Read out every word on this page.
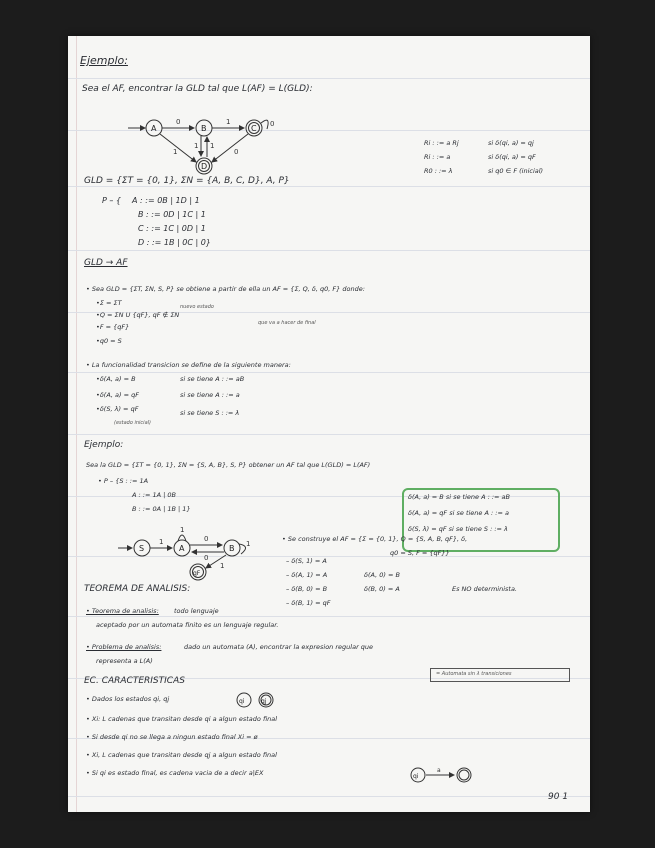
Ejemplo:
Sea el AF, encontrar la GLD tal que L(AF) = L(GLD):
A	B	C
D
0	1
1
1 1
0
0
Ri : := a Rj	si δ(qi, a) = qj
Ri : := a	si δ(qi, a) = qF
R0 : := λ	si q0 ∈ F (inicial)
GLD = {ΣT = {0, 1}, ΣN = {A, B, C, D}, A, P}
P – { A : := 0B | 1D | 1
B : := 0D | 1C | 1
C : := 1C | 0D | 1
D : := 1B | 0C | 0}
GLD → AF
• Sea GLD = {ΣT, ΣN, S, P} se obtiene a partir de ella un AF = {Σ, Q, δ, q0, F} donde:
•Σ = ΣT
•Q = ΣN U {qF}, qF ∉ ΣN
nuevo estado
•F = {qF}	que va a hacer de final
•q0 = S
• La funcionalidad transicion se define de la siguiente manera:
•δ(A, a) = B	si se tiene A : := aB
•δ(A, a) = qF	si se tiene A : := a
•δ(S, λ) = qF	si se tiene S : := λ
(estado inicial)
Ejemplo:
Sea la GLD = {ΣT = {0, 1}, ΣN = {S, A, B}, S, P} obtener un AF tal que L(GLD) = L(AF)
• P – {S : := 1A
A : := 1A | 0B
B : := 0A | 1B | 1}
δ(A, a) = B si se tiene A : := aB
δ(A, a) = qF si se tiene A : := a
δ(S, λ) = qF si se tiene S : := λ
S	A	B
qF
1
1
0
0
1
1
• Se construye el AF = {Σ = {0, 1}, Q = {S, A, B, qF}, δ,
q0 = S, F = {qF}}
– δ(S, 1) = A
– δ(A, 1) = A	δ(A, 0) = B
– δ(B, 0) = B	δ(B, 0) = A
– δ(B, 1) = qF
Es NO determinista.
TEOREMA DE ANALISIS:
• Teorema de analisis: todo lenguaje
aceptado por un automata finito es un lenguaje regular.
• Problema de analisis:	dado un automata (A), encontrar la expresion regular que
representa a L(A)
= Automata sin λ transiciones
EC. CARACTERISTICAS
• Dados los estados qi, qj	qi	qj
• Xi: L cadenas que transitan desde qi a algun estado final
• Si desde qi no se llega a ningun estado final Xi = ø
• Xi, L cadenas que transitan desde qj a algun estado final
• Si qi es estado final, es cadena vacia de a decir a|EX	qi
a
90 1
